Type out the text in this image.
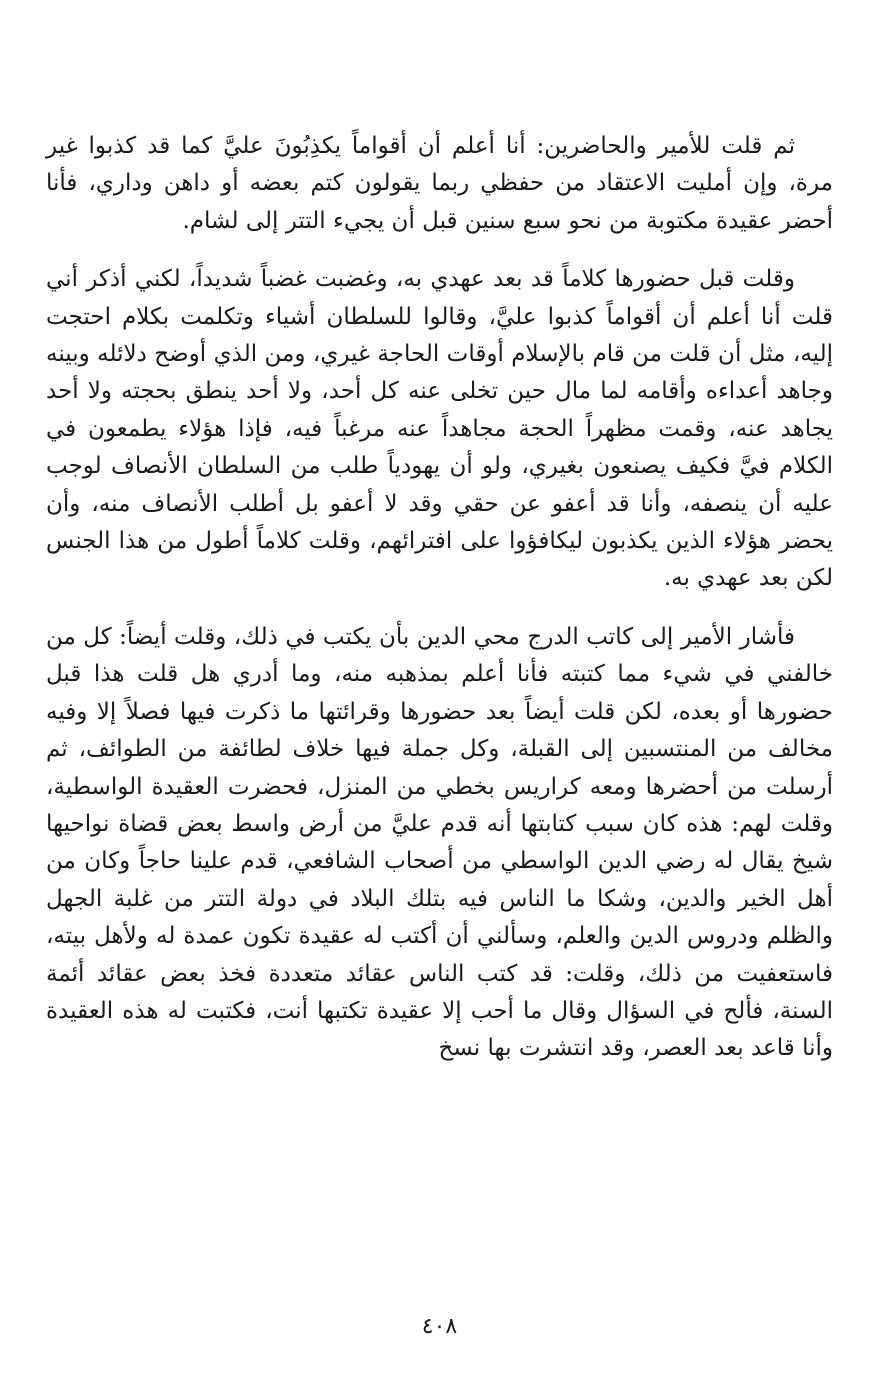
ثم قلت للأمير والحاضرين: أنا أعلم أن أقواماً يكذِبُونَ عليَّ كما قد كذبوا غير مرة، وإن أمليت الاعتقاد من حفظي ربما يقولون كتم بعضه أو داهن وداري، فأنا أحضر عقيدة مكتوبة من نحو سبع سنين قبل أن يجيء التتر إلى لشام.

وقلت قبل حضورها كلاماً قد بعد عهدي به، وغضبت غضباً شديداً، لكني أذكر أني قلت أنا أعلم أن أقواماً كذبوا عليَّ، وقالوا للسلطان أشياء وتكلمت بكلام احتجت إليه، مثل أن قلت من قام بالإسلام أوقات الحاجة غيري، ومن الذي أوضح دلائله وبينه وجاهد أعداءه وأقامه لما مال حين تخلى عنه كل أحد، ولا أحد ينطق بحجته ولا أحد يجاهد عنه، وقمت مظهراً الحجة مجاهداً عنه مرغباً فيه، فإذا هؤلاء يطمعون في الكلام فيَّ فكيف يصنعون بغيري، ولو أن يهودياً طلب من السلطان الأنصاف لوجب عليه أن ينصفه، وأنا قد أعفو عن حقي وقد لا أعفو بل أطلب الأنصاف منه، وأن يحضر هؤلاء الذين يكذبون ليكافؤوا على افترائهم، وقلت كلاماً أطول من هذا الجنس لكن بعد عهدي به.

فأشار الأمير إلى كاتب الدرج محي الدين بأن يكتب في ذلك، وقلت أيضاً: كل من خالفني في شيء مما كتبته فأنا أعلم بمذهبه منه، وما أدري هل قلت هذا قبل حضورها أو بعده، لكن قلت أيضاً بعد حضورها وقرائتها ما ذكرت فيها فصلاً إلا وفيه مخالف من المنتسبين إلى القبلة، وكل جملة فيها خلاف لطائفة من الطوائف، ثم أرسلت من أحضرها ومعه كراريس بخطي من المنزل، فحضرت العقيدة الواسطية، وقلت لهم: هذه كان سبب كتابتها أنه قدم عليَّ من أرض واسط بعض قضاة نواحيها شيخ يقال له رضي الدين الواسطي من أصحاب الشافعي، قدم علينا حاجاً وكان من أهل الخير والدين، وشكا ما الناس فيه بتلك البلاد في دولة التتر من غلبة الجهل والظلم ودروس الدين والعلم، وسألني أن أكتب له عقيدة تكون عمدة له ولأهل بيته، فاستعفيت من ذلك، وقلت: قد كتب الناس عقائد متعددة فخذ بعض عقائد أئمة السنة، فألح في السؤال وقال ما أحب إلا عقيدة تكتبها أنت، فكتبت له هذه العقيدة وأنا قاعد بعد العصر، وقد انتشرت بها نسخ

٤٠٨
